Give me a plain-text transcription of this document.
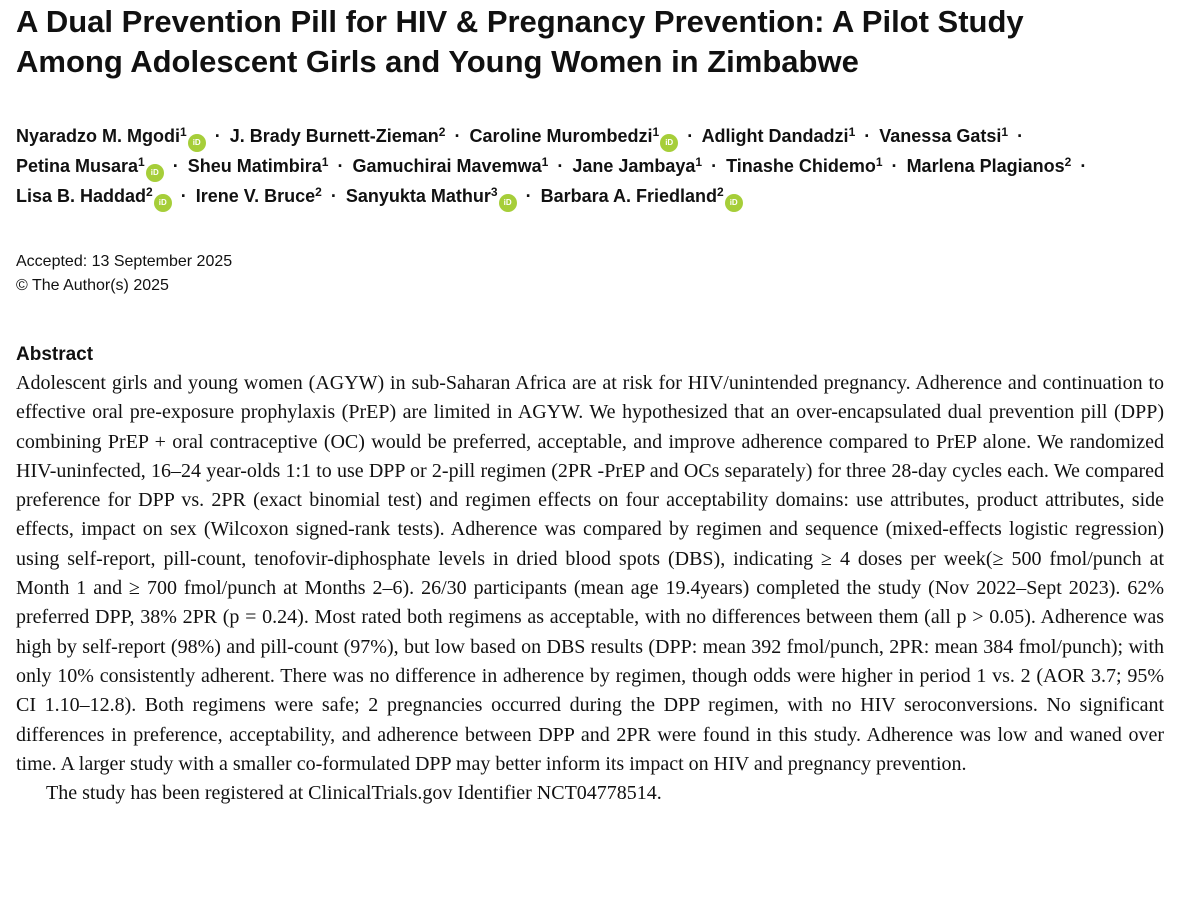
A Dual Prevention Pill for HIV & Pregnancy Prevention: A Pilot Study
Among Adolescent Girls and Young Women in Zimbabwe
Nyaradzo M. Mgodi$^1$iD · J. Brady Burnett-Zieman$^2$ · Caroline Murombedzi$^1$iD · Adlight Dandadzi$^1$ · Vanessa Gatsi$^1$ · Petina Musara$^1$iD · Sheu Matimbira$^1$ · Gamuchirai Mavemwa$^1$ · Jane Jambaya$^1$ · Tinashe Chidemo$^1$ · Marlena Plagianos$^2$ · Lisa B. Haddad$^2$iD · Irene V. Bruce$^2$ · Sanyukta Mathur$^3$iD · Barbara A. Friedland$^2$iD
Accepted: 13 September 2025
© The Author(s) 2025
Abstract

Adolescent girls and young women (AGYW) in sub-Saharan Africa are at risk for HIV/unintended pregnancy. Adherence and continuation to effective oral pre-exposure prophylaxis (PrEP) are limited in AGYW. We hypothesized that an over-encapsulated dual prevention pill (DPP) combining PrEP + oral contraceptive (OC) would be preferred, acceptable, and improve adherence compared to PrEP alone. We randomized HIV-uninfected, 16–24 year-olds 1:1 to use DPP or 2-pill regimen (2PR -PrEP and OCs separately) for three 28-day cycles each. We compared preference for DPP vs. 2PR (exact binomial test) and regimen effects on four acceptability domains: use attributes, product attributes, side effects, impact on sex (Wilcoxon signed-rank tests). Adherence was compared by regimen and sequence (mixed-effects logistic regression) using self-report, pill-count, tenofovir-diphosphate levels in dried blood spots (DBS), indicating ≥ 4 doses per week(≥ 500 fmol/punch at Month 1 and ≥ 700 fmol/punch at Months 2–6). 26/30 participants (mean age 19.4years) completed the study (Nov 2022–Sept 2023). 62% preferred DPP, 38% 2PR (p = 0.24). Most rated both regimens as acceptable, with no differences between them (all p > 0.05). Adherence was high by self-report (98%) and pill-count (97%), but low based on DBS results (DPP: mean 392 fmol/punch, 2PR: mean 384 fmol/punch); with only 10% consistently adherent. There was no difference in adherence by regimen, though odds were higher in period 1 vs. 2 (AOR 3.7; 95% CI 1.10–12.8). Both regimens were safe; 2 pregnancies occurred during the DPP regimen, with no HIV seroconversions. No significant differences in preference, acceptability, and adherence between DPP and 2PR were found in this study. Adherence was low and waned over time. A larger study with a smaller co-formulated DPP may better inform its impact on HIV and pregnancy prevention.

The study has been registered at ClinicalTrials.gov Identifier NCT04778514.
